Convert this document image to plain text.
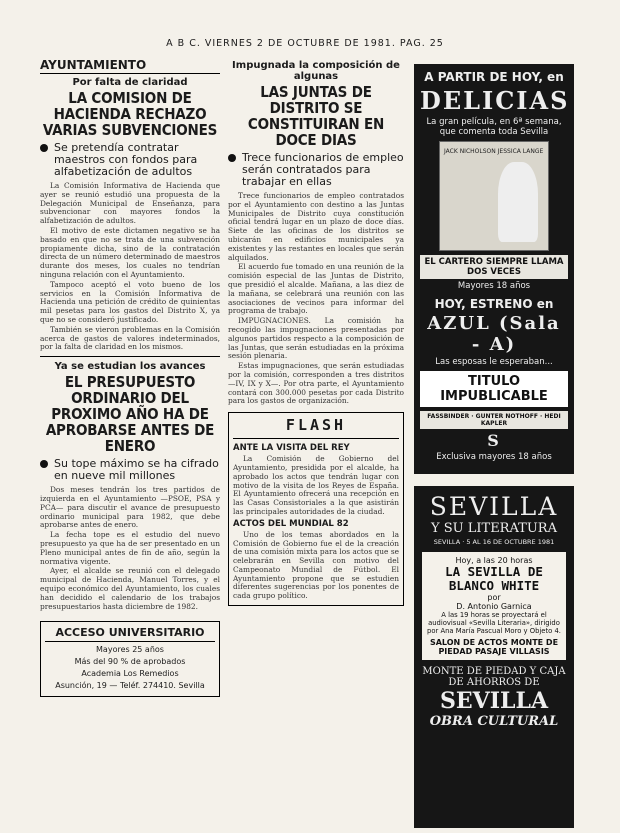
A B C. VIERNES 2 DE OCTUBRE DE 1981. PAG. 25
AYUNTAMIENTO
Por falta de claridad
LA COMISION DE HACIENDA RECHAZO VARIAS SUBVENCIONES
Se pretendía contratar maestros con fondos para alfabetización de adultos

La Comisión Informativa de Hacienda que ayer se reunió estudió una propuesta de la Delegación Municipal de Enseñanza, para subvencionar con mayores fondos la alfabetización de adultos.

El motivo de este dictamen negativo se ha basado en que no se trata de una subvención propiamente dicha, sino de la contratación directa de un número determinado de maestros durante dos meses, los cuales no tendrían ninguna relación con el Ayuntamiento.

Tampoco aceptó el voto bueno de los servicios en la Comisión Informativa de Hacienda una petición de crédito de quinientas mil pesetas para los gastos del Distrito X, ya que no se consideró justificado.

También se vieron problemas en la Comisión acerca de gastos de valores indeterminados, por la falta de claridad en los mismos.

Ya se estudian los avances
EL PRESUPUESTO ORDINARIO DEL PROXIMO AÑO HA DE APROBARSE ANTES DE ENERO
Su tope máximo se ha cifrado en nueve mil millones

Dos meses tendrán los tres partidos de izquierda en el Ayuntamiento —PSOE, PSA y PCA— para discutir el avance de presupuesto ordinario municipal para 1982, que debe aprobarse antes de enero.

La fecha tope es el estudio del nuevo presupuesto ya que ha de ser presentado en un Pleno municipal antes de fin de año, según la normativa vigente.

Ayer, el alcalde se reunió con el delegado municipal de Hacienda, Manuel Torres, y el equipo económico del Ayuntamiento, los cuales han decidido el calendario de los trabajos presupuestarios hasta diciembre de 1982.

ACCESO UNIVERSITARIO
Mayores 25 años
Más del 90 % de aprobados
Academia Los Remedios
Asunción, 19 — Teléf. 274410. Sevilla
Impugnada la composición de algunas
LAS JUNTAS DE DISTRITO SE CONSTITUIRAN EN DOCE DIAS
Trece funcionarios de empleo serán contratados para trabajar en ellas

Trece funcionarios de empleo contratados por el Ayuntamiento con destino a las Juntas Municipales de Distrito cuya constitución oficial tendrá lugar en un plazo de doce días. Siete de las oficinas de los distritos se ubicarán en edificios municipales ya existentes y las restantes en locales que serán alquilados.

El acuerdo fue tomado en una reunión de la comisión especial de las Juntas de Distrito, que presidió el alcalde. Mañana, a las diez de la mañana, se celebrará una reunión con las asociaciones de vecinos para informar del programa de trabajo.

IMPUGNACIONES. La comisión ha recogido las impugnaciones presentadas por algunos partidos respecto a la composición de las Juntas, que serán estudiadas en la próxima sesión plenaria.

Estas impugnaciones, que serán estudiadas por la comisión, corresponden a tres distritos —IV, IX y X—. Por otra parte, el Ayuntamiento contará con 300.000 pesetas por cada Distrito para los gastos de organización.

FLASH
ANTE LA VISITA DEL REY

La Comisión de Gobierno del Ayuntamiento, presidida por el alcalde, ha aprobado los actos que tendrán lugar con motivo de la visita de los Reyes de España. El Ayuntamiento ofrecerá una recepción en las Casas Consistoriales a la que asistirán las principales autoridades de la ciudad.

ACTOS DEL MUNDIAL 82

Uno de los temas abordados en la Comisión de Gobierno fue el de la creación de una comisión mixta para los actos que se celebrarán en Sevilla con motivo del Campeonato Mundial de Fútbol. El Ayuntamiento propone que se estudien diferentes sugerencias por los ponentes de cada grupo político.

A PARTIR DE HOY, en
DELICIAS
La gran película, en 6ª semana, que comenta toda Sevilla
JACK NICHOLSON JESSICA LANGE
EL CARTERO SIEMPRE LLAMA DOS VECES
Mayores 18 años
HOY, ESTRENO en
AZUL (Sala - A)
Las esposas le esperaban...
TITULO IMPUBLICABLE
FASSBINDER · GUNTER NOTHOFF · HEDI KAPLER
S
Exclusiva mayores 18 años
SEVILLA
Y SU LITERATURA
SEVILLA · 5 AL 16 DE OCTUBRE 1981
Hoy, a las 20 horas
LA SEVILLA DE BLANCO WHITE
por
D. Antonio Garnica
A las 19 horas se proyectará el audiovisual «Sevilla Literaria», dirigido por Ana María Pascual Moro y Objeto 4.
SALON DE ACTOS MONTE DE PIEDAD PASAJE VILLASIS
MONTE DE PIEDAD Y CAJA DE AHORROS DE
SEVILLA
OBRA CULTURAL
